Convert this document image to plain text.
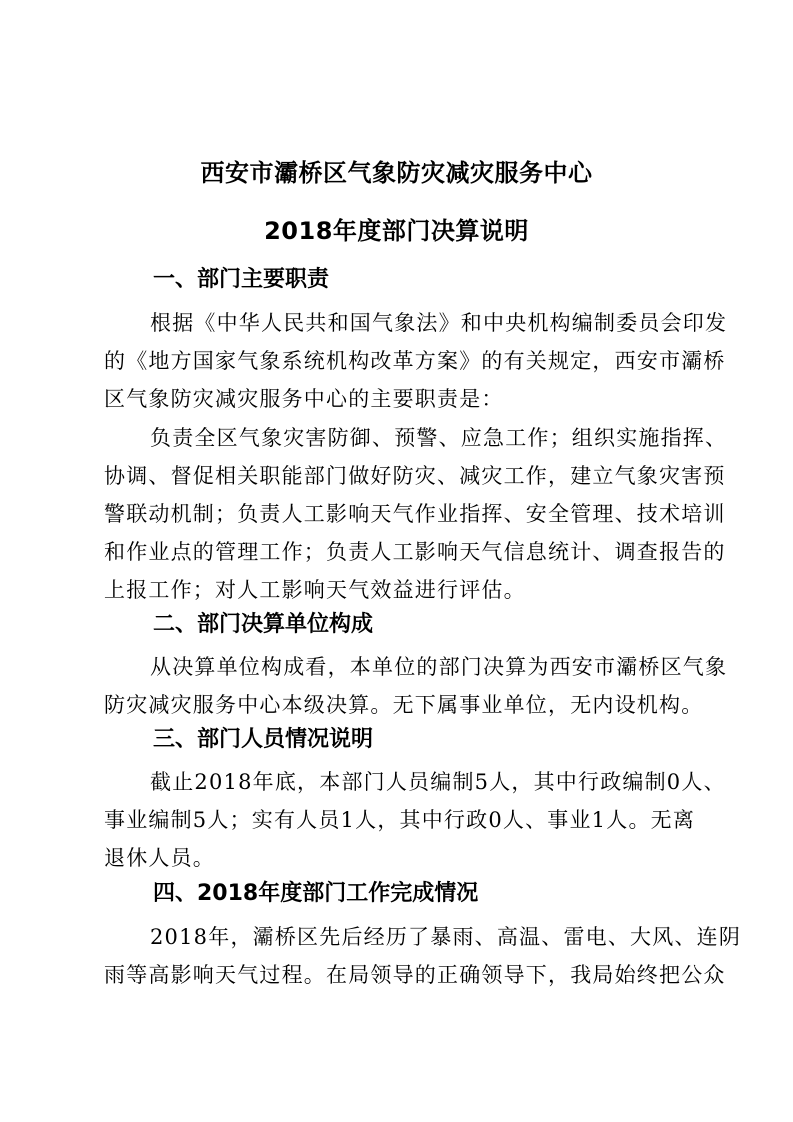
西安市灞桥区气象防灾减灾服务中心
2018年度部门决算说明
一、部门主要职责
根据《中华人民共和国气象法》和中央机构编制委员会印发
的《地方国家气象系统机构改革方案》的有关规定，西安市灞桥
区气象防灾减灾服务中心的主要职责是：
负责全区气象灾害防御、预警、应急工作；组织实施指挥、
协调、督促相关职能部门做好防灾、减灾工作，建立气象灾害预
警联动机制；负责人工影响天气作业指挥、安全管理、技术培训
和作业点的管理工作；负责人工影响天气信息统计、调查报告的
上报工作；对人工影响天气效益进行评估。
二、部门决算单位构成
从决算单位构成看，本单位的部门决算为西安市灞桥区气象
防灾减灾服务中心本级决算。无下属事业单位，无内设机构。
三、部门人员情况说明
截止2018年底，本部门人员编制5人，其中行政编制0人、
事业编制5人；实有人员1人，其中行政0人、事业1人。无离
退休人员。
四、2018年度部门工作完成情况
2018年，灞桥区先后经历了暴雨、高温、雷电、大风、连阴
雨等高影响天气过程。在局领导的正确领导下，我局始终把公众
